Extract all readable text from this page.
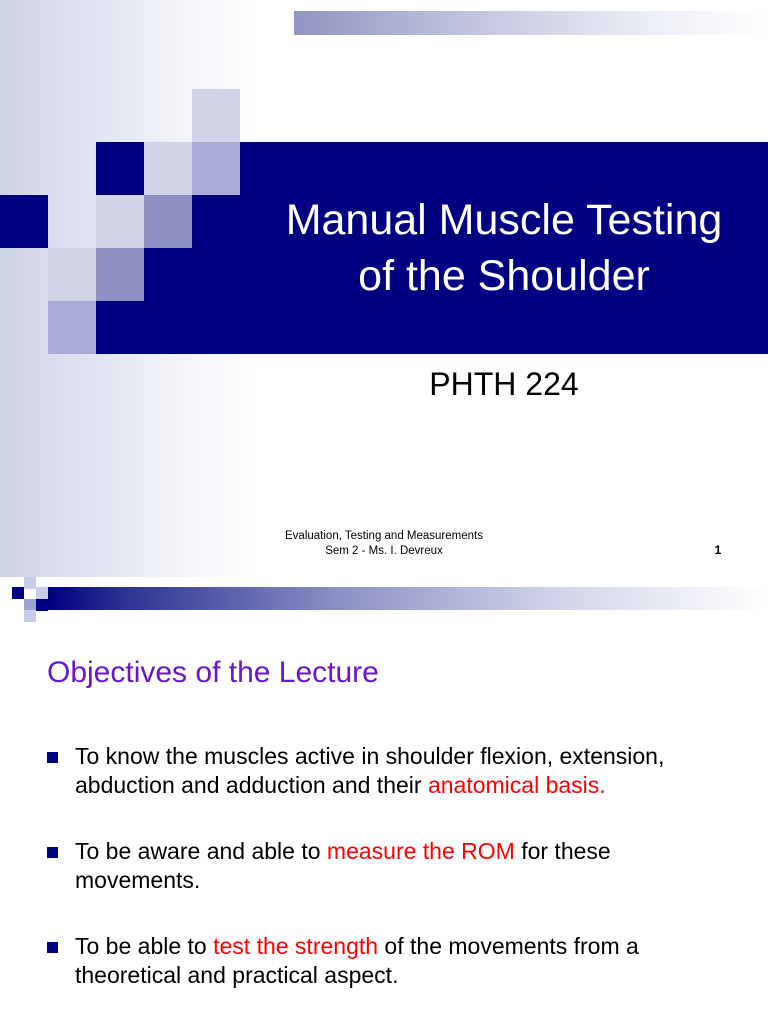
Manual Muscle Testing
of the Shoulder
PHTH 224
Evaluation, Testing and Measurements
Sem 2 - Ms. I. Devreux	1
Objectives of the Lecture
To know the muscles active in shoulder flexion, extension, abduction and adduction and their anatomical basis.
To be aware and able to measure the ROM for these movements.
To be able to test the strength of the movements from a theoretical and practical aspect.
